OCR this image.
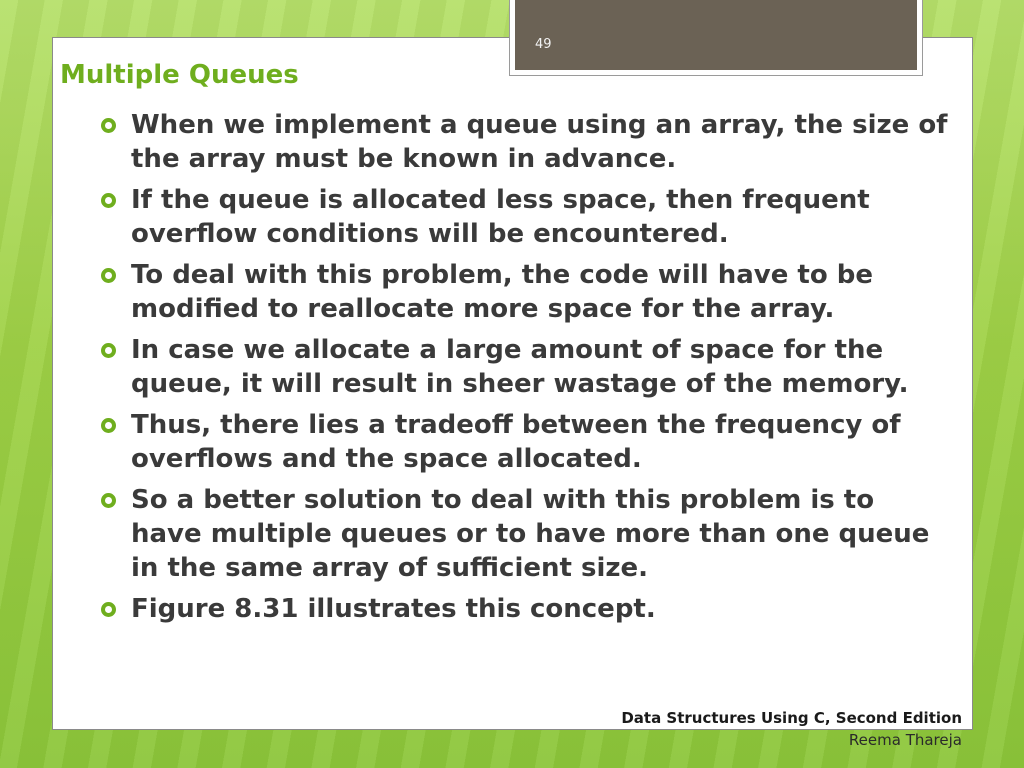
49
Multiple Queues
When we implement a queue using an array, the size of the array must be known in advance.
If the queue is allocated less space, then frequent overflow conditions will be encountered.
To deal with this problem, the code will have to be modified to reallocate more space for the array.
In case we allocate a large amount of space for the queue, it will result in sheer wastage of the memory.
Thus, there lies a tradeoff between the frequency of overflows and the space allocated.
So a better solution to deal with this problem is to have multiple queues or to have more than one queue in the same array of sufficient size.
Figure 8.31 illustrates this concept.
Data Structures Using C, Second Edition
Reema Thareja
